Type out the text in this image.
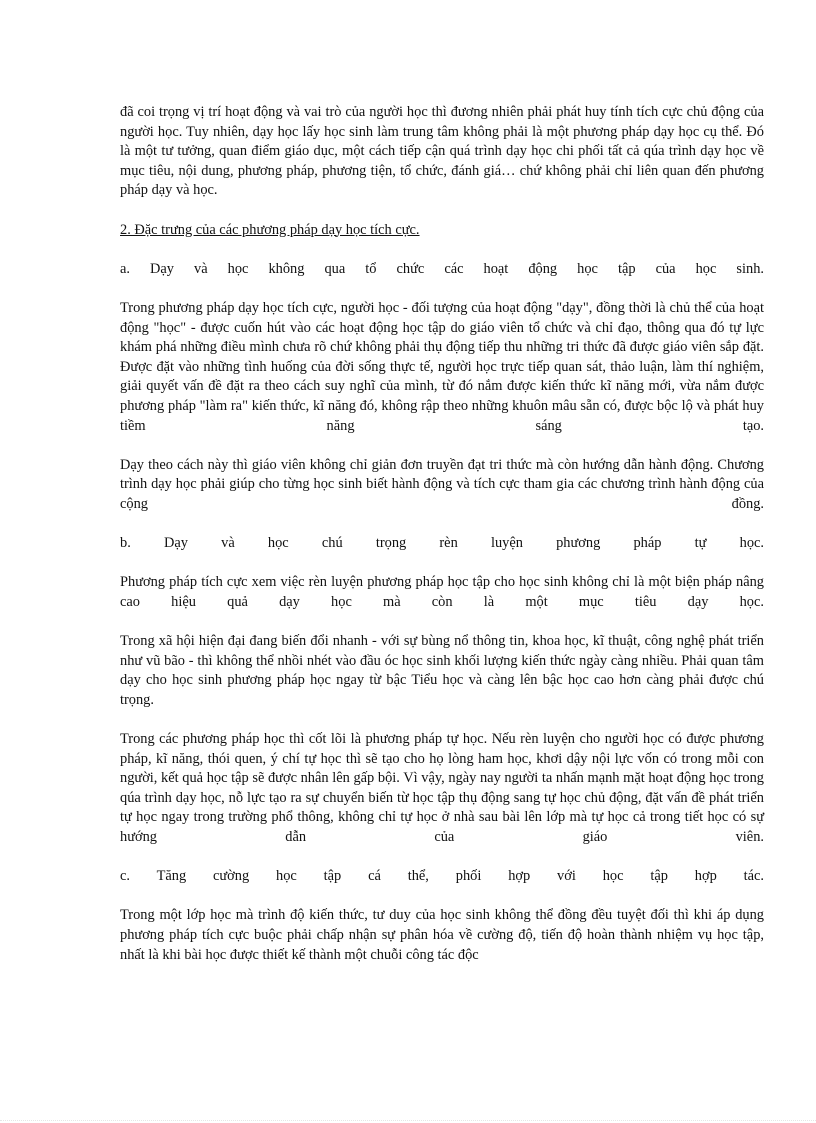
đã coi trọng vị trí hoạt động và vai trò của người học thì đương nhiên phải phát huy tính tích cực chủ động của người học. Tuy nhiên, dạy học lấy học sinh làm trung tâm không phải là một phương pháp dạy học cụ thể. Đó là một tư tưởng, quan điểm giáo dục, một cách tiếp cận quá trình dạy học chi phối tất cả qúa trình dạy học về mục tiêu, nội dung, phương pháp, phương tiện, tổ chức, đánh giá… chứ không phải chỉ liên quan đến phương pháp dạy và học.

2. Đặc trưng của các phương pháp dạy học tích cực.

a. Dạy và học không qua tổ chức các hoạt động học tập của học sinh.

Trong phương pháp dạy học tích cực, người học - đối tượng của hoạt động "dạy", đồng thời là chủ thể của hoạt động "học" - được cuốn hút vào các hoạt động học tập do giáo viên tổ chức và chỉ đạo, thông qua đó tự lực khám phá những điều mình chưa rõ chứ không phải thụ động tiếp thu những tri thức đã được giáo viên sắp đặt. Được đặt vào những tình huống của đời sống thực tế, người học trực tiếp quan sát, thảo luận, làm thí nghiệm, giải quyết vấn đề đặt ra theo cách suy nghĩ của mình, từ đó nắm được kiến thức kĩ năng mới, vừa nắm được phương pháp "làm ra" kiến thức, kĩ năng đó, không rập theo những khuôn mâu sẵn có, được bộc lộ và phát huy tiềm năng sáng tạo.

Dạy theo cách này thì giáo viên không chỉ giản đơn truyền đạt tri thức mà còn hướng dẫn hành động. Chương trình dạy học phải giúp cho từng học sinh biết hành động và tích cực tham gia các chương trình hành động của cộng đồng.

b. Dạy và học chú trọng rèn luyện phương pháp tự học.

Phương pháp tích cực xem việc rèn luyện phương pháp học tập cho học sinh không chỉ là một biện pháp nâng cao hiệu quả dạy học mà còn là một mục tiêu dạy học.

Trong xã hội hiện đại đang biến đổi nhanh - với sự bùng nổ thông tin, khoa học, kĩ thuật, công nghệ phát triển như vũ bão - thì không thể nhồi nhét vào đầu óc học sinh khối lượng kiến thức ngày càng nhiều. Phải quan tâm dạy cho học sinh phương pháp học ngay từ bậc Tiểu học và càng lên bậc học cao hơn càng phải được chú trọng.

Trong các phương pháp học thì cốt lõi là phương pháp tự học. Nếu rèn luyện cho người học có được phương pháp, kĩ năng, thói quen, ý chí tự học thì sẽ tạo cho họ lòng ham học, khơi dậy nội lực vốn có trong mỗi con người, kết quả học tập sẽ được nhân lên gấp bội. Vì vậy, ngày nay người ta nhấn mạnh mặt hoạt động học trong qúa trình dạy học, nỗ lực tạo ra sự chuyển biến từ học tập thụ động sang tự học chủ động, đặt vấn đề phát triển tự học ngay trong trường phổ thông, không chỉ tự học ở nhà sau bài lên lớp mà tự học cả trong tiết học có sự hướng dẫn của giáo viên.

c. Tăng cường học tập cá thể, phối hợp với học tập hợp tác.

Trong một lớp học mà trình độ kiến thức, tư duy của học sinh không thể đồng đều tuyệt đối thì khi áp dụng phương pháp tích cực buộc phải chấp nhận sự phân hóa về cường độ, tiến độ hoàn thành nhiệm vụ học tập, nhất là khi bài học được thiết kế thành một chuỗi công tác độc
